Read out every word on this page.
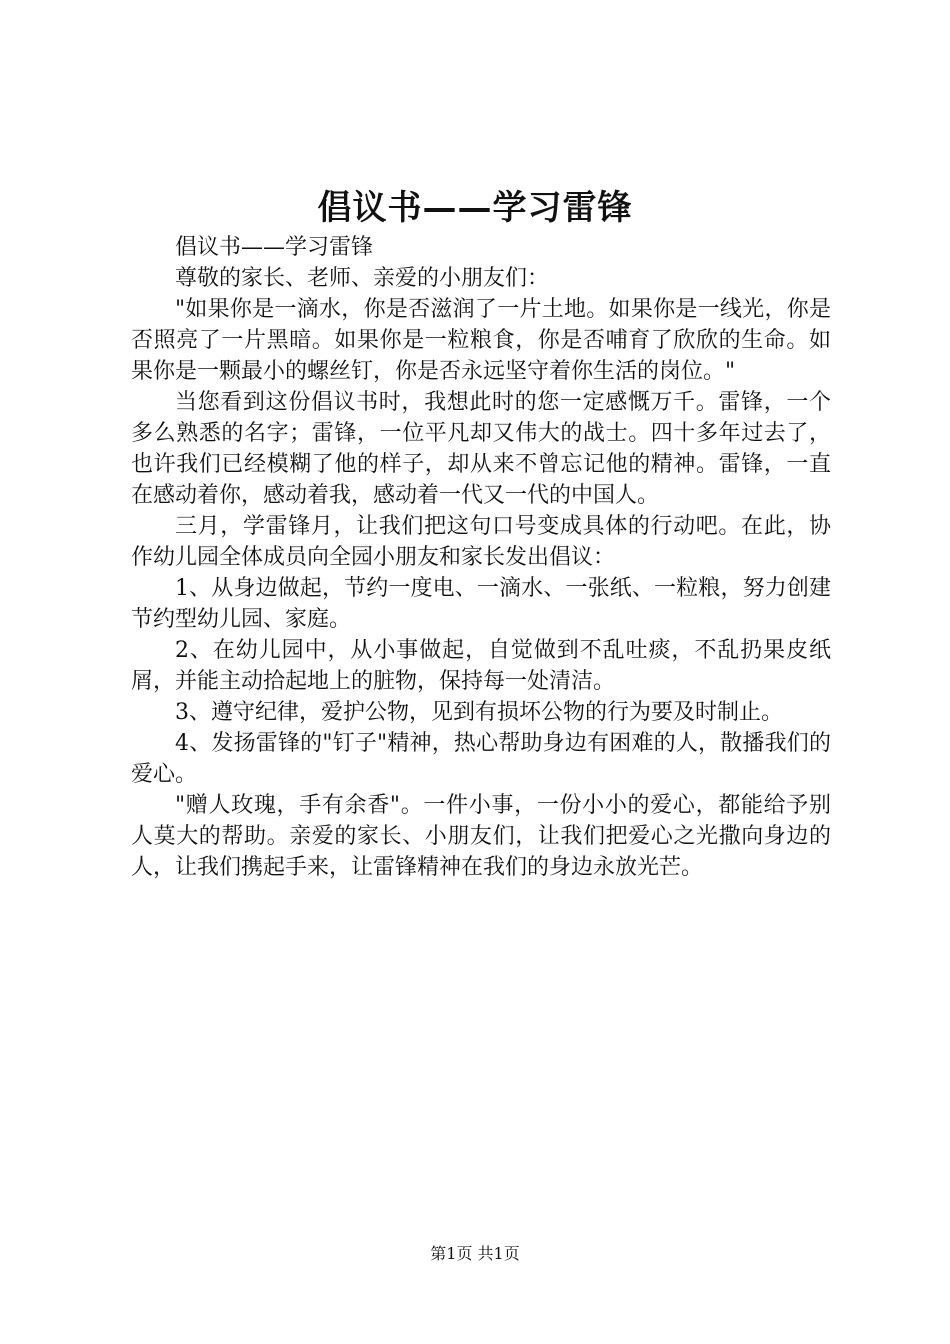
倡议书——学习雷锋

倡议书——学习雷锋

尊敬的家长、老师、亲爱的小朋友们：

"如果你是一滴水，你是否滋润了一片土地。如果你是一线光，你是否照亮了一片黑暗。如果你是一粒粮食，你是否哺育了欣欣的生命。如果你是一颗最小的螺丝钉，你是否永远坚守着你生活的岗位。"

当您看到这份倡议书时，我想此时的您一定感慨万千。雷锋，一个多么熟悉的名字；雷锋，一位平凡却又伟大的战士。四十多年过去了，也许我们已经模糊了他的样子，却从来不曾忘记他的精神。雷锋，一直在感动着你，感动着我，感动着一代又一代的中国人。

三月，学雷锋月，让我们把这句口号变成具体的行动吧。在此，协作幼儿园全体成员向全园小朋友和家长发出倡议：

1、从身边做起，节约一度电、一滴水、一张纸、一粒粮，努力创建节约型幼儿园、家庭。

2、在幼儿园中，从小事做起，自觉做到不乱吐痰，不乱扔果皮纸屑，并能主动拾起地上的脏物，保持每一处清洁。

3、遵守纪律，爱护公物，见到有损坏公物的行为要及时制止。

4、发扬雷锋的"钉子"精神，热心帮助身边有困难的人，散播我们的爱心。

"赠人玫瑰，手有余香"。一件小事，一份小小的爱心，都能给予别人莫大的帮助。亲爱的家长、小朋友们，让我们把爱心之光撒向身边的人，让我们携起手来，让雷锋精神在我们的身边永放光芒。

第1页 共1页
